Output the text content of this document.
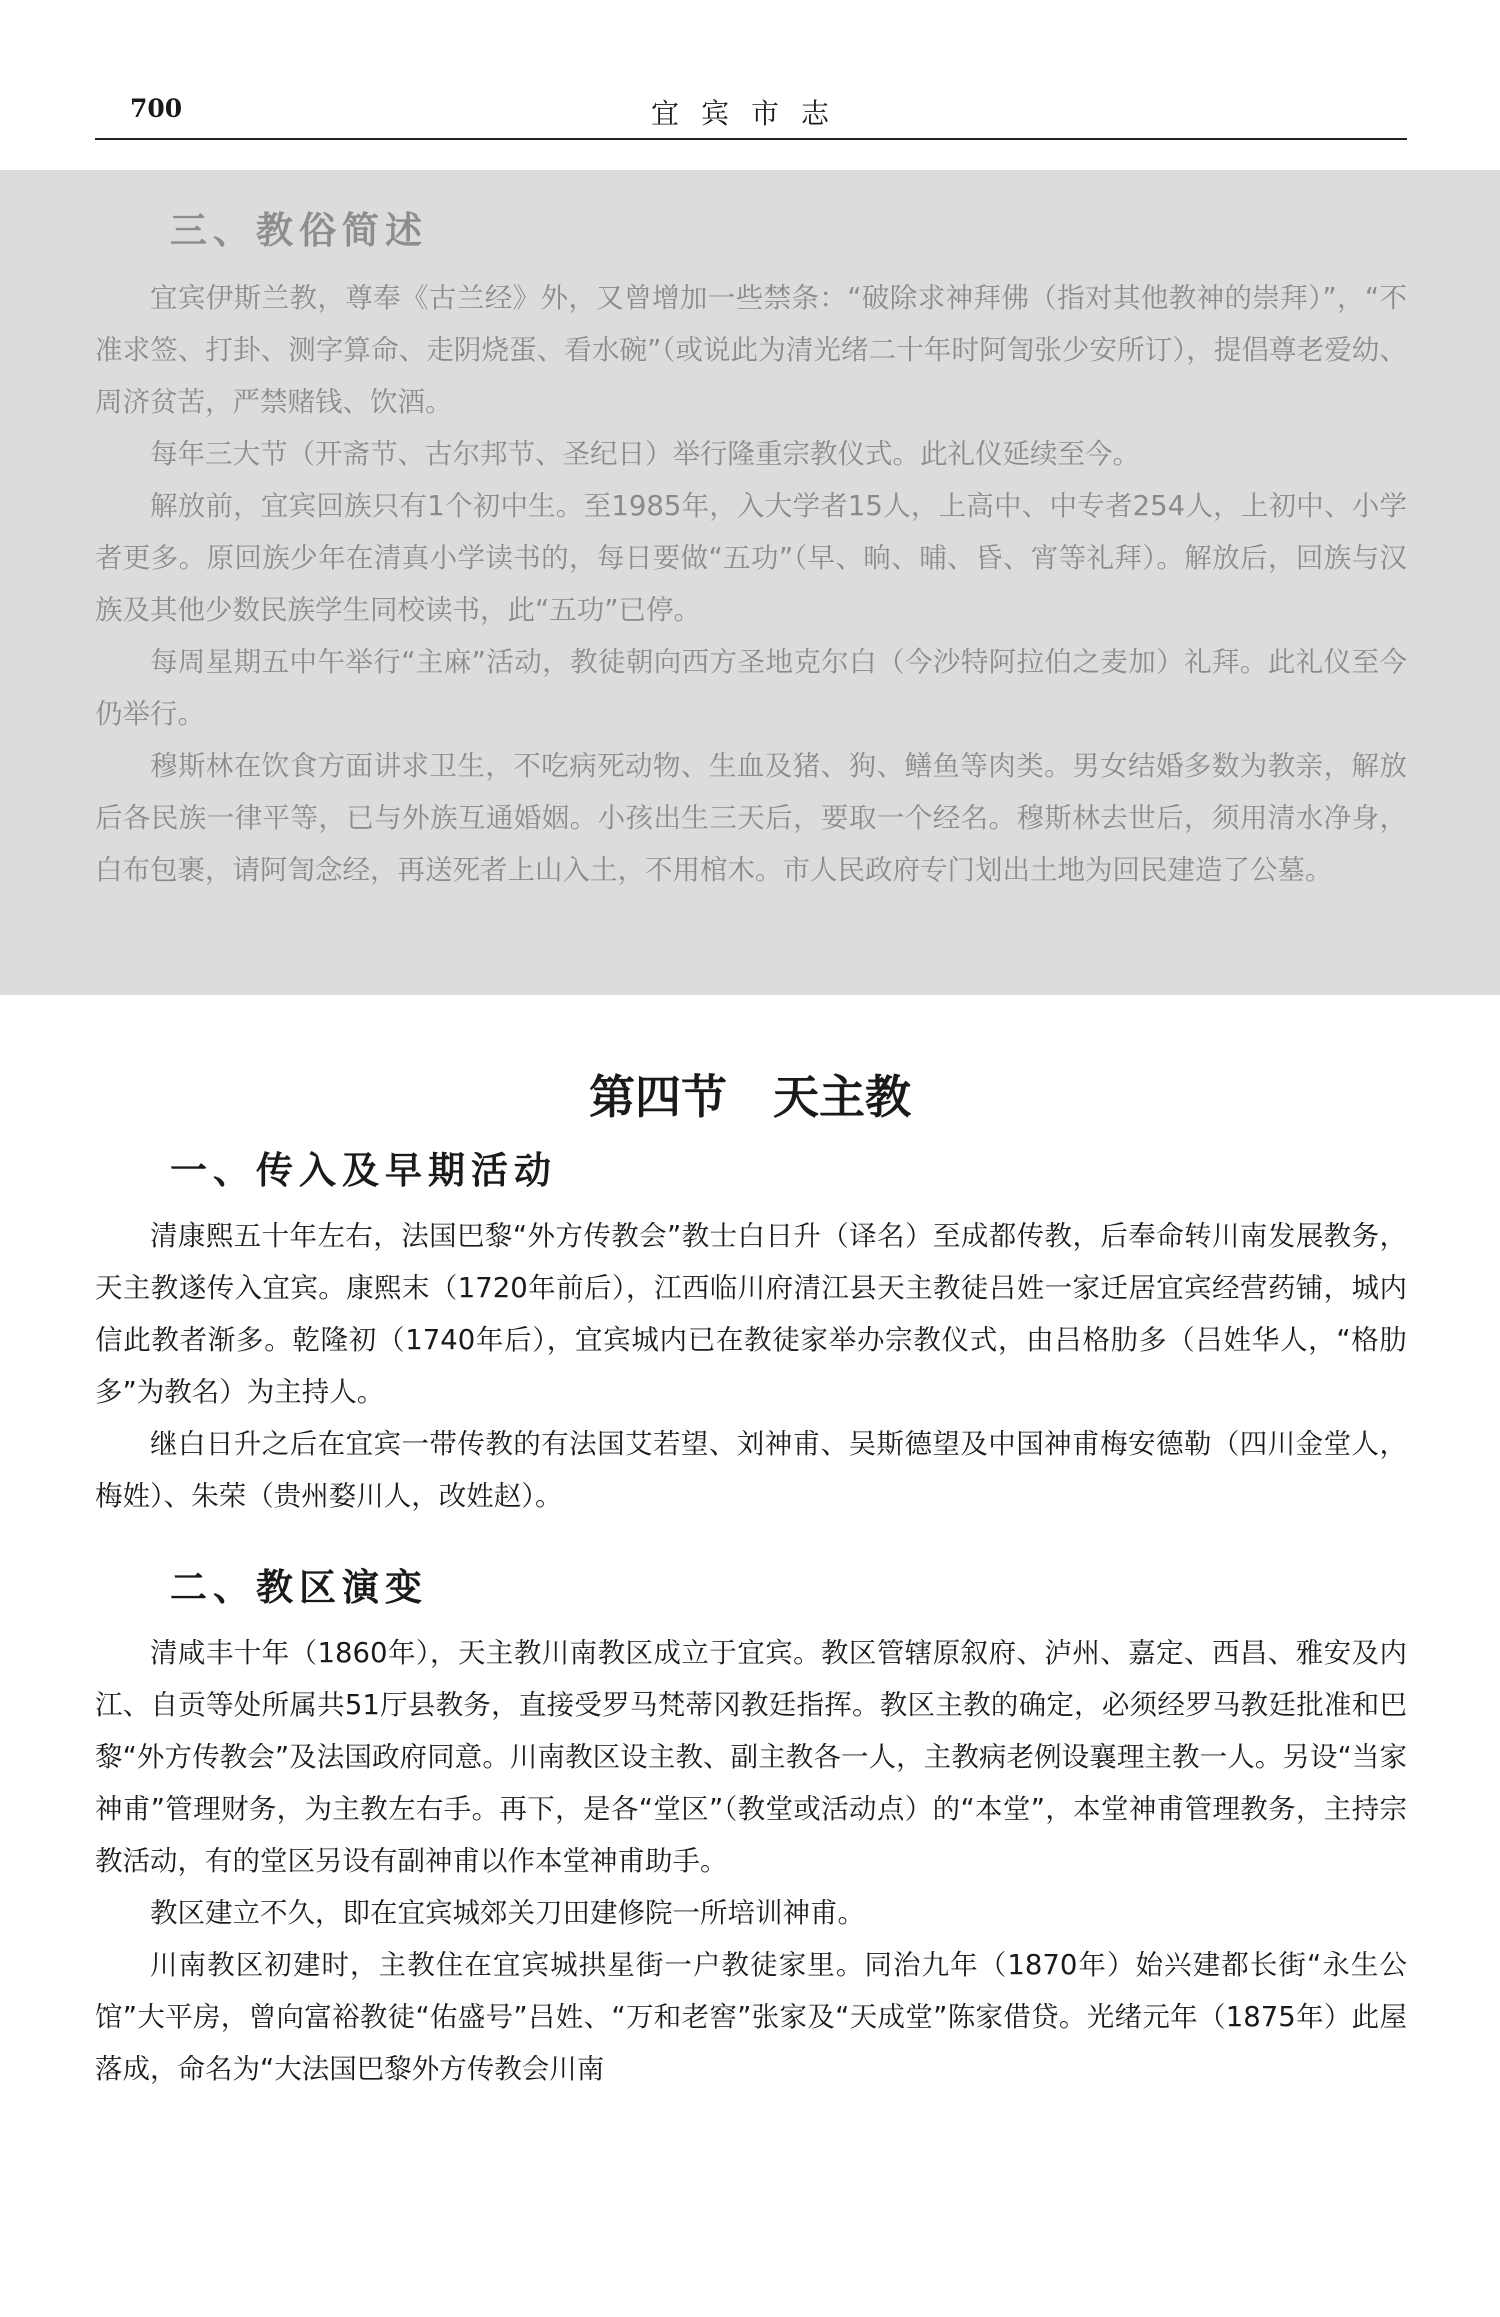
700	宜宾市志
三、教俗简述

宜宾伊斯兰教，尊奉《古兰经》外，又曾增加一些禁条：“破除求神拜佛（指对其他教神的崇拜）”，“不准求签、打卦、测字算命、走阴烧蛋、看水碗”（或说此为清光绪二十年时阿訇张少安所订），提倡尊老爱幼、周济贫苦，严禁赌钱、饮酒。

每年三大节（开斋节、古尔邦节、圣纪日）举行隆重宗教仪式。此礼仪延续至今。

解放前，宜宾回族只有1个初中生。至1985年，入大学者15人，上高中、中专者254人，上初中、小学者更多。原回族少年在清真小学读书的，每日要做“五功”（早、晌、晡、昏、宵等礼拜）。解放后，回族与汉族及其他少数民族学生同校读书，此“五功”已停。

每周星期五中午举行“主麻”活动，教徒朝向西方圣地克尔白（今沙特阿拉伯之麦加）礼拜。此礼仪至今仍举行。

穆斯林在饮食方面讲求卫生，不吃病死动物、生血及猪、狗、鳝鱼等肉类。男女结婚多数为教亲，解放后各民族一律平等，已与外族互通婚姻。小孩出生三天后，要取一个经名。穆斯林去世后，须用清水净身，白布包裹，请阿訇念经，再送死者上山入土，不用棺木。市人民政府专门划出土地为回民建造了公墓。

第四节　天主教
一、传入及早期活动

清康熙五十年左右，法国巴黎“外方传教会”教士白日升（译名）至成都传教，后奉命转川南发展教务，天主教遂传入宜宾。康熙末（1720年前后），江西临川府清江县天主教徒吕姓一家迁居宜宾经营药铺，城内信此教者渐多。乾隆初（1740年后），宜宾城内已在教徒家举办宗教仪式，由吕格肋多（吕姓华人，“格肋多”为教名）为主持人。

继白日升之后在宜宾一带传教的有法国艾若望、刘神甫、吴斯德望及中国神甫梅安德勒（四川金堂人，梅姓）、朱荣（贵州婺川人，改姓赵）。

二、教区演变

清咸丰十年（1860年），天主教川南教区成立于宜宾。教区管辖原叙府、泸州、嘉定、西昌、雅安及内江、自贡等处所属共51厅县教务，直接受罗马梵蒂冈教廷指挥。教区主教的确定，必须经罗马教廷批准和巴黎“外方传教会”及法国政府同意。川南教区设主教、副主教各一人，主教病老例设襄理主教一人。另设“当家神甫”管理财务，为主教左右手。再下，是各“堂区”（教堂或活动点）的“本堂”，本堂神甫管理教务，主持宗教活动，有的堂区另设有副神甫以作本堂神甫助手。

教区建立不久，即在宜宾城郊关刀田建修院一所培训神甫。

川南教区初建时，主教住在宜宾城拱星街一户教徒家里。同治九年（1870年）始兴建都长街“永生公馆”大平房，曾向富裕教徒“佑盛号”吕姓、“万和老窖”张家及“天成堂”陈家借贷。光绪元年（1875年）此屋落成，命名为“大法国巴黎外方传教会川南
